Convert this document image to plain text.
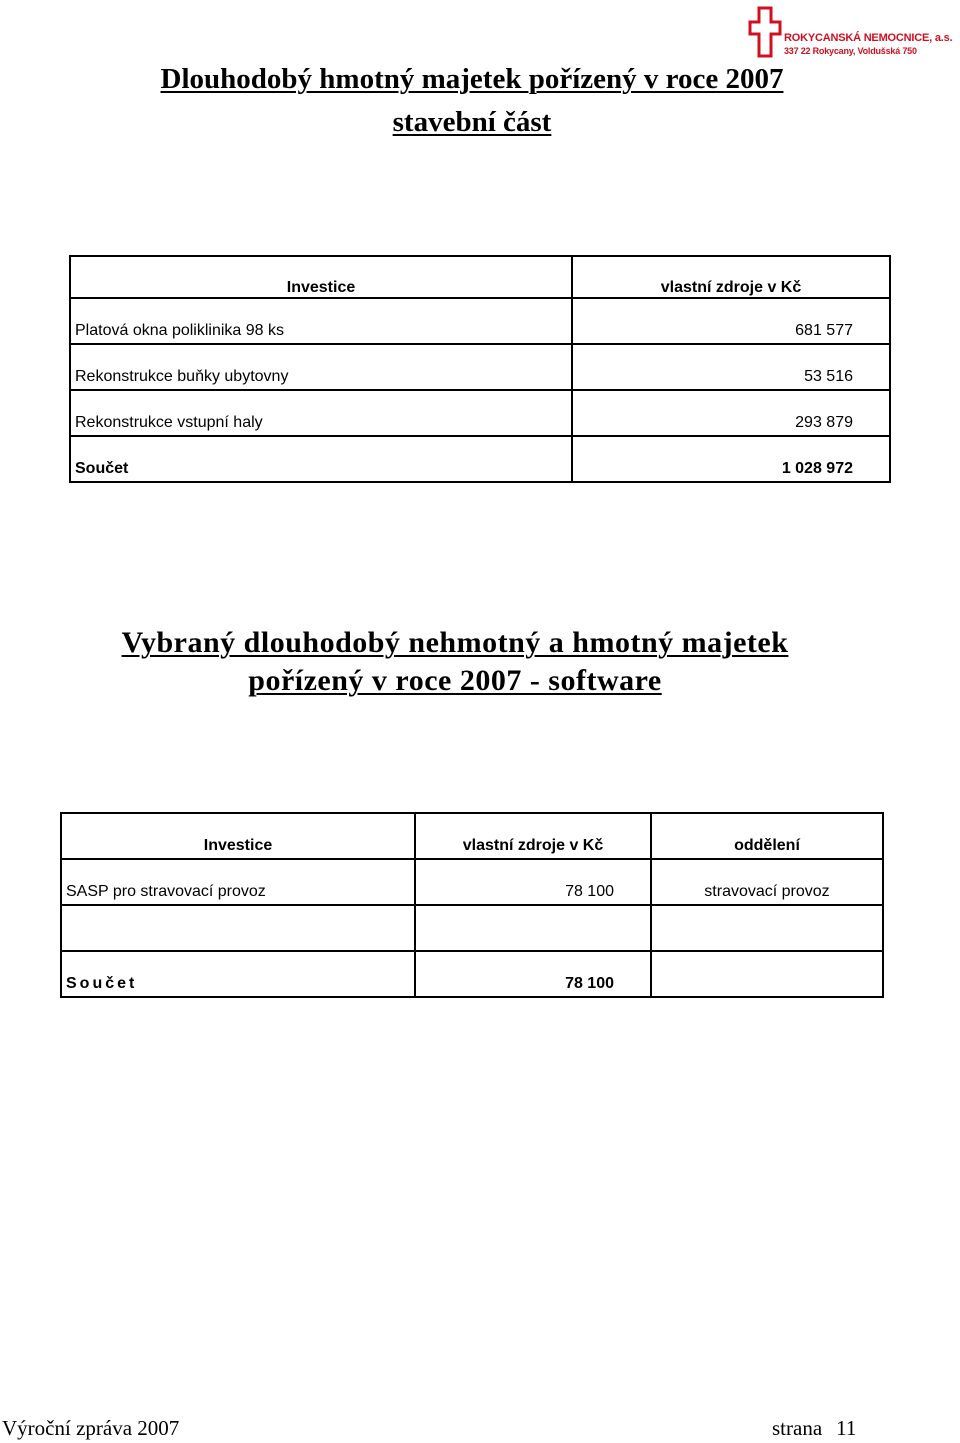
ROKYCANSKÁ NEMOCNICE, a.s.
337 22 Rokycany, Voldušská 750
Dlouhodobý hmotný majetek pořízený v roce 2007
stavební část
Investice	vlastní zdroje v Kč
Platová okna poliklinika 98 ks	681 577
Rekonstrukce buňky ubytovny	53 516
Rekonstrukce vstupní haly	293 879
Součet	1 028 972
Vybraný dlouhodobý nehmotný a hmotný majetek
pořízený v roce 2007 - software
Investice	vlastní zdroje v Kč	oddělení
SASP pro stravovací provoz	78 100	stravovací provoz

Součet	78 100	
Výroční zpráva 2007	strana 11
